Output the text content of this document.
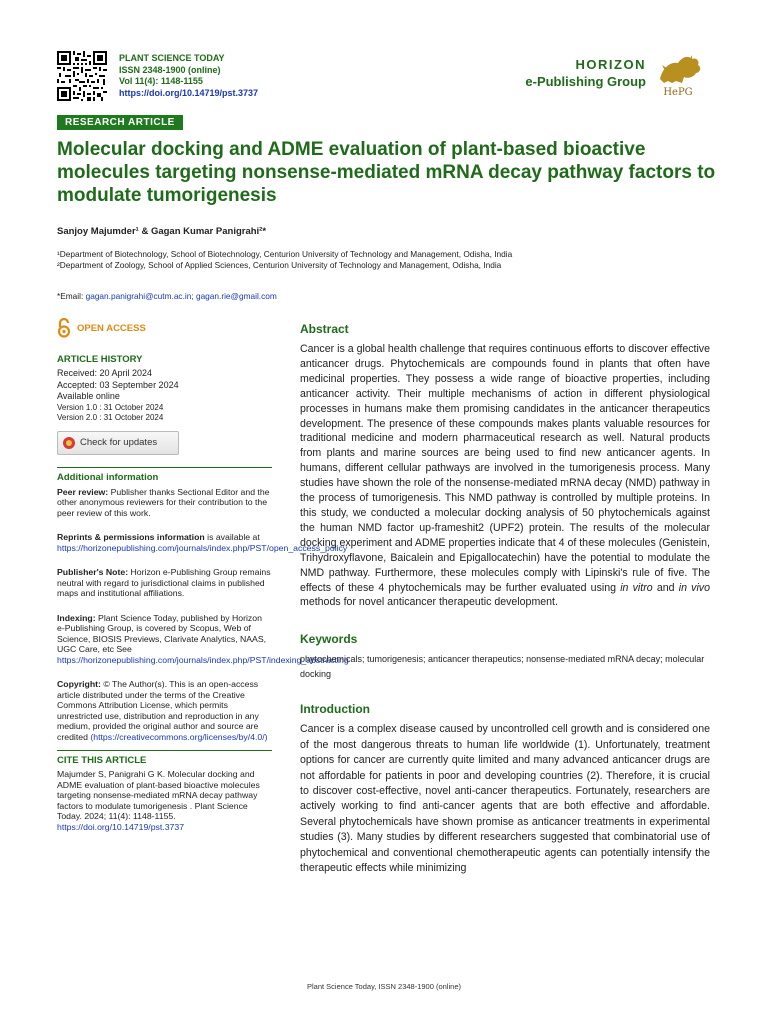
PLANT SCIENCE TODAY
ISSN 2348-1900 (online)
Vol 11(4): 1148-1155
https://doi.org/10.14719/pst.3737
HORIZON
e-Publishing Group
HePG
RESEARCH ARTICLE
Molecular docking and ADME evaluation of plant-based bioactive molecules targeting nonsense-mediated mRNA decay pathway factors to modulate tumorigenesis
Sanjoy Majumder¹ & Gagan Kumar Panigrahi²*
¹Department of Biotechnology, School of Biotechnology, Centurion University of Technology and Management, Odisha, India
²Department of Zoology, School of Applied Sciences, Centurion University of Technology and Management, Odisha, India
*Email: gagan.panigrahi@cutm.ac.in; gagan.rie@gmail.com
OPEN ACCESS
ARTICLE HISTORY
Received: 20 April 2024
Accepted: 03 September 2024
Available online
Version 1.0 : 31 October 2024
Version 2.0 : 31 October 2024
Check for updates
Additional information

Peer review: Publisher thanks Sectional Editor and the other anonymous reviewers for their contribution to the peer review of this work.

Reprints & permissions information is available at https://horizonepublishing.com/journals/index.php/PST/open_access_policy

Publisher's Note: Horizon e-Publishing Group remains neutral with regard to jurisdictional claims in published maps and institutional affiliations.

Indexing: Plant Science Today, published by Horizon e-Publishing Group, is covered by Scopus, Web of Science, BIOSIS Previews, Clarivate Analytics, NAAS, UGC Care, etc See https://horizonepublishing.com/journals/index.php/PST/indexing_abstracting

Copyright: © The Author(s). This is an open-access article distributed under the terms of the Creative Commons Attribution License, which permits unrestricted use, distribution and reproduction in any medium, provided the original author and source are credited (https://creativecommons.org/licenses/by/4.0/)

CITE THIS ARTICLE

Majumder S, Panigrahi G K. Molecular docking and ADME evaluation of plant-based bioactive molecules targeting nonsense-mediated mRNA decay pathway factors to modulate tumorigenesis . Plant Science Today. 2024; 11(4): 1148-1155. https://doi.org/10.14719/pst.3737

Abstract

Cancer is a global health challenge that requires continuous efforts to discover effective anticancer drugs. Phytochemicals are compounds found in plants that often have medicinal properties. They possess a wide range of bioactive properties, including anticancer activity. Their multiple mechanisms of action in different physiological processes in humans make them promising candidates in the anticancer therapeutics development. The presence of these compounds makes plants valuable resources for traditional medicine and modern pharmaceutical research as well. Natural products from plants and marine sources are being used to find new anticancer agents. In humans, different cellular pathways are involved in the tumorigenesis process. Many studies have shown the role of the nonsense-mediated mRNA decay (NMD) pathway in the process of tumorigenesis. This NMD pathway is controlled by multiple proteins. In this study, we conducted a molecular docking analysis of 50 phytochemicals against the human NMD factor up-frameshit2 (UPF2) protein. The results of the molecular docking experiment and ADME properties indicate that 4 of these molecules (Genistein, Trihydroxyflavone, Baicalein and Epigallocatechin) have the potential to modulate the NMD pathway. Furthermore, these molecules comply with Lipinski's rule of five. The effects of these 4 phytochemicals may be further evaluated using in vitro and in vivo methods for novel anticancer therapeutic development.

Keywords

phytochemicals; tumorigenesis; anticancer therapeutics; nonsense-mediated mRNA decay; molecular docking

Introduction

Cancer is a complex disease caused by uncontrolled cell growth and is considered one of the most dangerous threats to human life worldwide (1). Unfortunately, treatment options for cancer are currently quite limited and many advanced anticancer drugs are not affordable for patients in poor and developing countries (2). Therefore, it is crucial to discover cost-effective, novel anti-cancer therapeutics. Fortunately, researchers are actively working to find anti-cancer agents that are both effective and affordable. Several phytochemicals have shown promise as anticancer treatments in experimental studies (3). Many studies by different researchers suggested that combinatorial use of phytochemical and conventional chemotherapeutic agents can potentially intensify the therapeutic effects while minimizing

Plant Science Today, ISSN 2348-1900 (online)
